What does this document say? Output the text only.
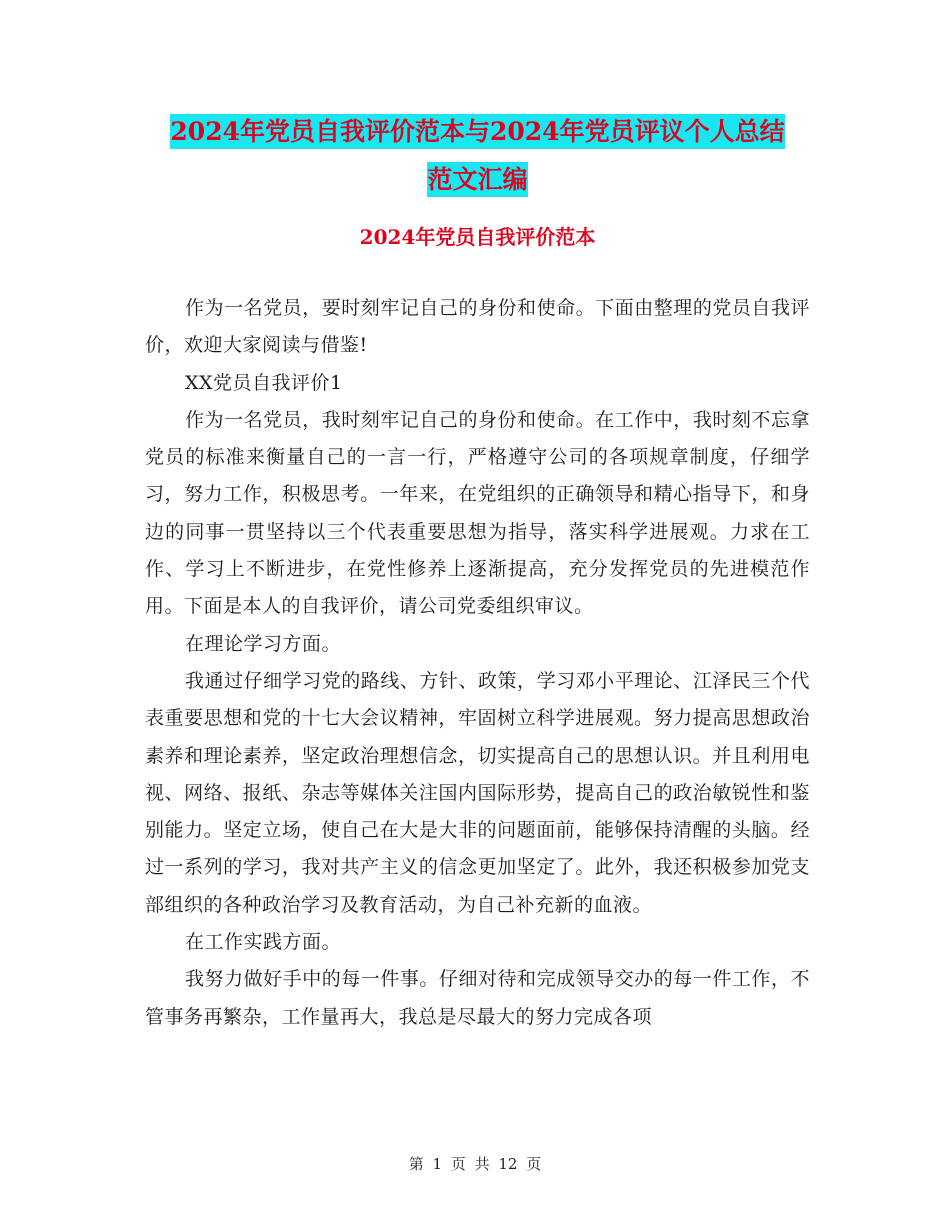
2024年党员自我评价范本与2024年党员评议个人总结
范文汇编
2024年党员自我评价范本

作为一名党员，要时刻牢记自己的身份和使命。下面由整理的党员自我评价，欢迎大家阅读与借鉴!

XX党员自我评价1

作为一名党员，我时刻牢记自己的身份和使命。在工作中，我时刻不忘拿党员的标准来衡量自己的一言一行，严格遵守公司的各项规章制度，仔细学习，努力工作，积极思考。一年来，在党组织的正确领导和精心指导下，和身边的同事一贯坚持以三个代表重要思想为指导，落实科学进展观。力求在工作、学习上不断进步，在党性修养上逐渐提高，充分发挥党员的先进模范作用。下面是本人的自我评价，请公司党委组织审议。

在理论学习方面。

我通过仔细学习党的路线、方针、政策，学习邓小平理论、江泽民三个代表重要思想和党的十七大会议精神，牢固树立科学进展观。努力提高思想政治素养和理论素养，坚定政治理想信念，切实提高自己的思想认识。并且利用电视、网络、报纸、杂志等媒体关注国内国际形势，提高自己的政治敏锐性和鉴别能力。坚定立场，使自己在大是大非的问题面前，能够保持清醒的头脑。经过一系列的学习，我对共产主义的信念更加坚定了。此外，我还积极参加党支部组织的各种政治学习及教育活动，为自己补充新的血液。

在工作实践方面。

我努力做好手中的每一件事。仔细对待和完成领导交办的每一件工作，不管事务再繁杂，工作量再大，我总是尽最大的努力完成各项

第 1 页 共 12 页
